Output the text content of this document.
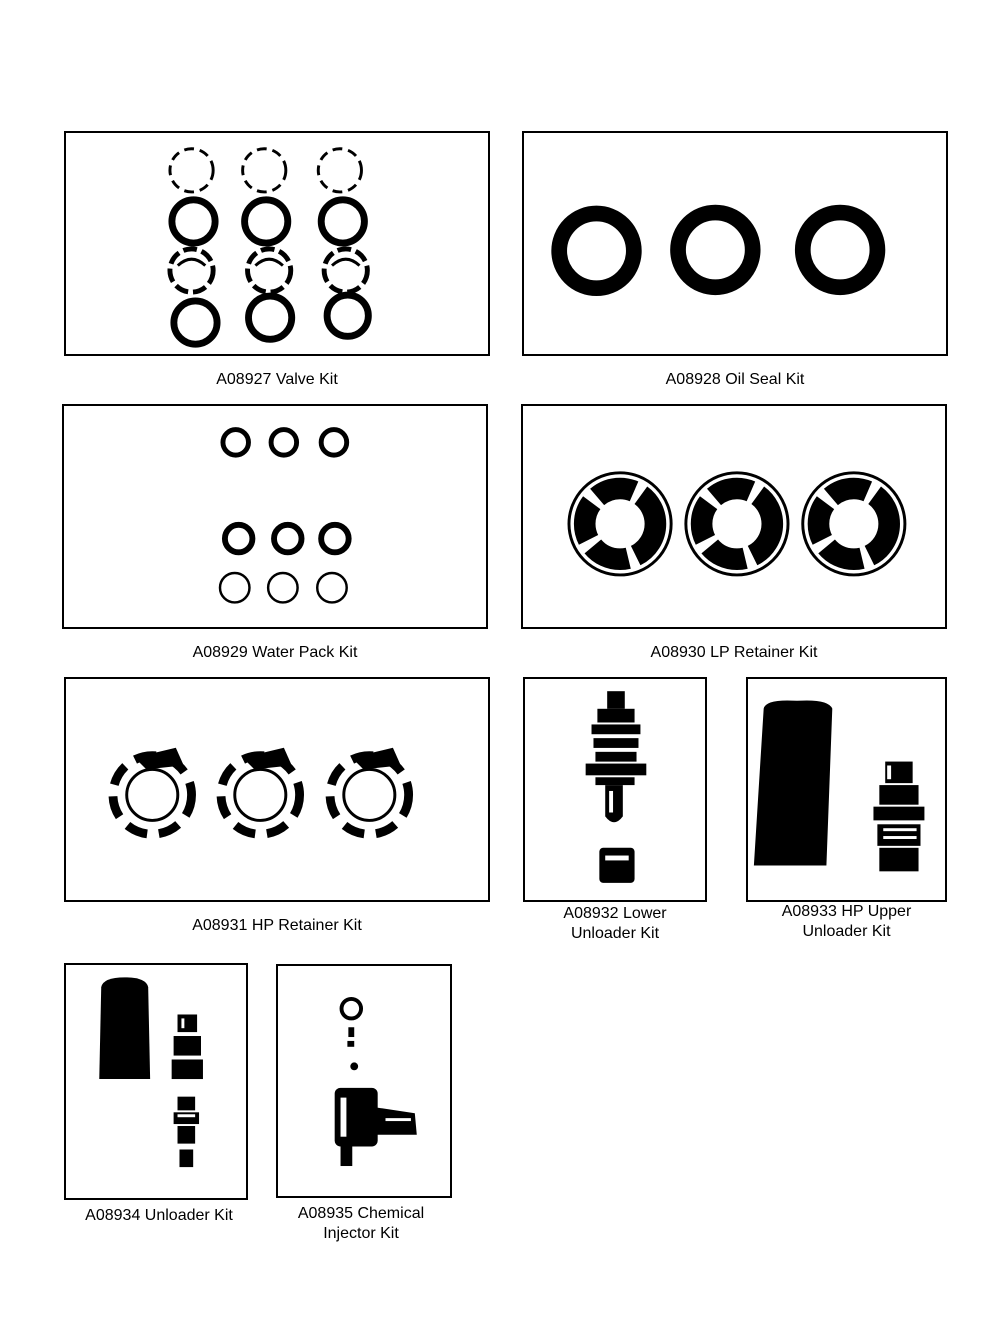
A08927 Valve Kit	A08928 Oil Seal Kit
A08929 Water Pack Kit	A08930 LP Retainer Kit
A08931 HP Retainer Kit
A08932 Lower
Unloader Kit
A08933 HP Upper
Unloader Kit
A08934 Unloader Kit	A08935 Chemical
Injector Kit
